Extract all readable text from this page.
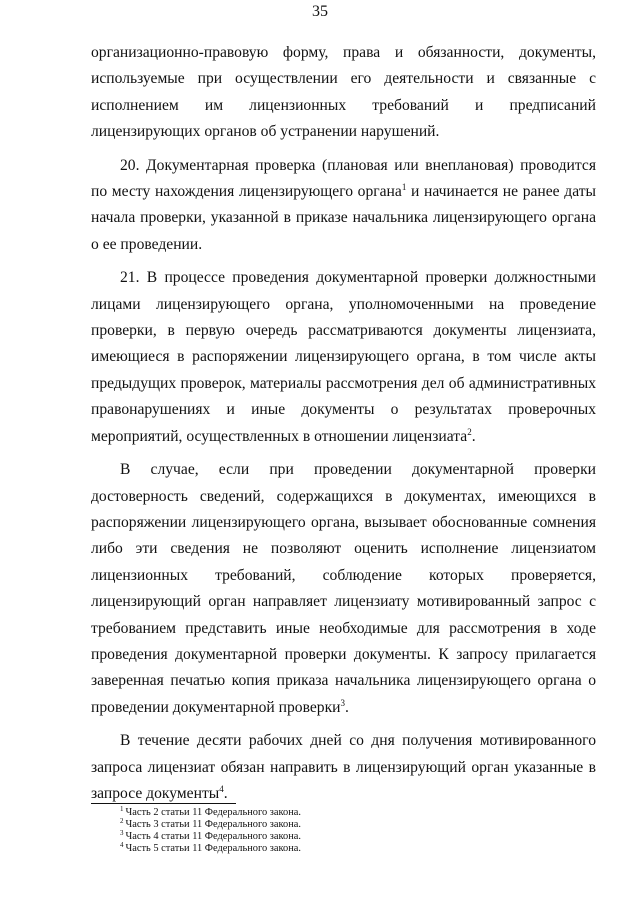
35

организационно-правовую форму, права и обязанности, документы, используемые при осуществлении его деятельности и связанные с исполнением им лицензионных требований и предписаний лицензирующих органов об устранении нарушений.

20. Документарная проверка (плановая или внеплановая) проводится по месту нахождения лицензирующего органа$^1$ и начинается не ранее даты начала проверки, указанной в приказе начальника лицензирующего органа о ее проведении.

21. В процессе проведения документарной проверки должностными лицами лицензирующего органа, уполномоченными на проведение проверки, в первую очередь рассматриваются документы лицензиата, имеющиеся в распоряжении лицензирующего органа, в том числе акты предыдущих проверок, материалы рассмотрения дел об административных правонарушениях и иные документы о результатах проверочных мероприятий, осуществленных в отношении лицензиата$^2$.

В случае, если при проведении документарной проверки достоверность сведений, содержащихся в документах, имеющихся в распоряжении лицензирующего органа, вызывает обоснованные сомнения либо эти сведения не позволяют оценить исполнение лицензиатом лицензионных требований, соблюдение которых проверяется, лицензирующий орган направляет лицензиату мотивированный запрос с требованием представить иные необходимые для рассмотрения в ходе проведения документарной проверки документы. К запросу прилагается заверенная печатью копия приказа начальника лицензирующего органа о проведении документарной проверки$^3$.

В течение десяти рабочих дней со дня получения мотивированного запроса лицензиат обязан направить в лицензирующий орган указанные в запросе документы$^4$.

$^1$ Часть 2 статьи 11 Федерального закона.
$^2$ Часть 3 статьи 11 Федерального закона.
$^3$ Часть 4 статьи 11 Федерального закона.
$^4$ Часть 5 статьи 11 Федерального закона.
